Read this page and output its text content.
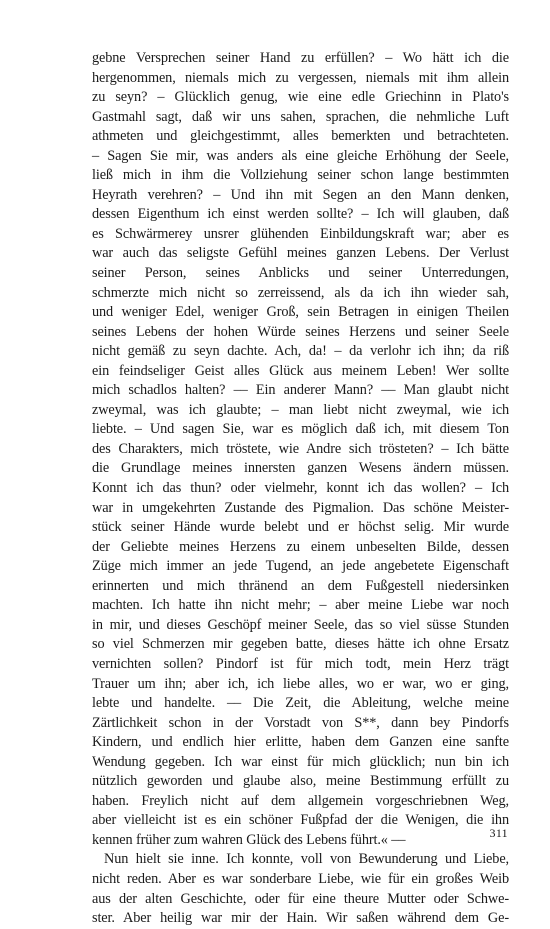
gebne Versprechen seiner Hand zu erfüllen? – Wo hätt ich die
hergenommen, niemals mich zu vergessen, niemals mit ihm allein
zu seyn? – Glücklich genug, wie eine edle Griechinn in Plato's
Gastmahl sagt, daß wir uns sahen, sprachen, die nehmliche Luft
athmeten und gleichgestimmt, alles bemerkten und betrachteten.
– Sagen Sie mir, was anders als eine gleiche Erhöhung der Seele,
ließ mich in ihm die Vollziehung seiner schon lange bestimmten
Heyrath verehren? – Und ihn mit Segen an den Mann denken,
dessen Eigenthum ich einst werden sollte? – Ich will glauben, daß
es Schwärmerey unsrer glühenden Einbildungskraft war; aber es
war auch das seligste Gefühl meines ganzen Lebens. Der Verlust
seiner Person, seines Anblicks und seiner Unterredungen,
schmerzte mich nicht so zerreissend, als da ich ihn wieder sah,
und weniger Edel, weniger Groß, sein Betragen in einigen Theilen
seines Lebens der hohen Würde seines Herzens und seiner Seele
nicht gemäß zu seyn dachte. Ach, da! – da verlohr ich ihn; da riß
ein feindseliger Geist alles Glück aus meinem Leben! Wer sollte
mich schadlos halten? –– Ein anderer Mann? –– Man glaubt nicht
zweymal, was ich glaubte; – man liebt nicht zweymal, wie ich
liebte. – Und sagen Sie, war es möglich daß ich, mit diesem Ton
des Charakters, mich tröstete, wie Andre sich trösteten? – Ich bätte
die Grundlage meines innersten ganzen Wesens ändern müssen.
Konnt ich das thun? oder vielmehr, konnt ich das wollen? – Ich
war in umgekehrten Zustande des Pigmalion. Das schöne Meister-
stück seiner Hände wurde belebt und er höchst selig. Mir wurde
der Geliebte meines Herzens zu einem unbeselten Bilde, dessen
Züge mich immer an jede Tugend, an jede angebetete Eigenschaft
erinnerten und mich thränend an dem Fußgestell niedersinken
machten. Ich hatte ihn nicht mehr; – aber meine Liebe war noch
in mir, und dieses Geschöpf meiner Seele, das so viel süsse Stunden
so viel Schmerzen mir gegeben batte, dieses hätte ich ohne Ersatz
vernichten sollen? Pindorf ist für mich todt, mein Herz trägt
Trauer um ihn; aber ich, ich liebe alles, wo er war, wo er ging,
lebte und handelte. –– Die Zeit, die Ableitung, welche meine
Zärtlichkeit schon in der Vorstadt von S**, dann bey Pindorfs
Kindern, und endlich hier erlitte, haben dem Ganzen eine sanfte
Wendung gegeben. Ich war einst für mich glücklich; nun bin ich
nützlich geworden und glaube also, meine Bestimmung erfüllt zu
haben. Freylich nicht auf dem allgemein vorgeschriebnen Weg,
aber vielleicht ist es ein schöner Fußpfad der die Wenigen, die ihn
kennen früher zum wahren Glück des Lebens führt.« ––
Nun hielt sie inne. Ich konnte, voll von Bewunderung und Liebe,
nicht reden. Aber es war sonderbare Liebe, wie für ein großes Weib
aus der alten Geschichte, oder für eine theure Mutter oder Schwe-
ster. Aber heilig war mir der Hain. Wir saßen während dem Ge-
311
